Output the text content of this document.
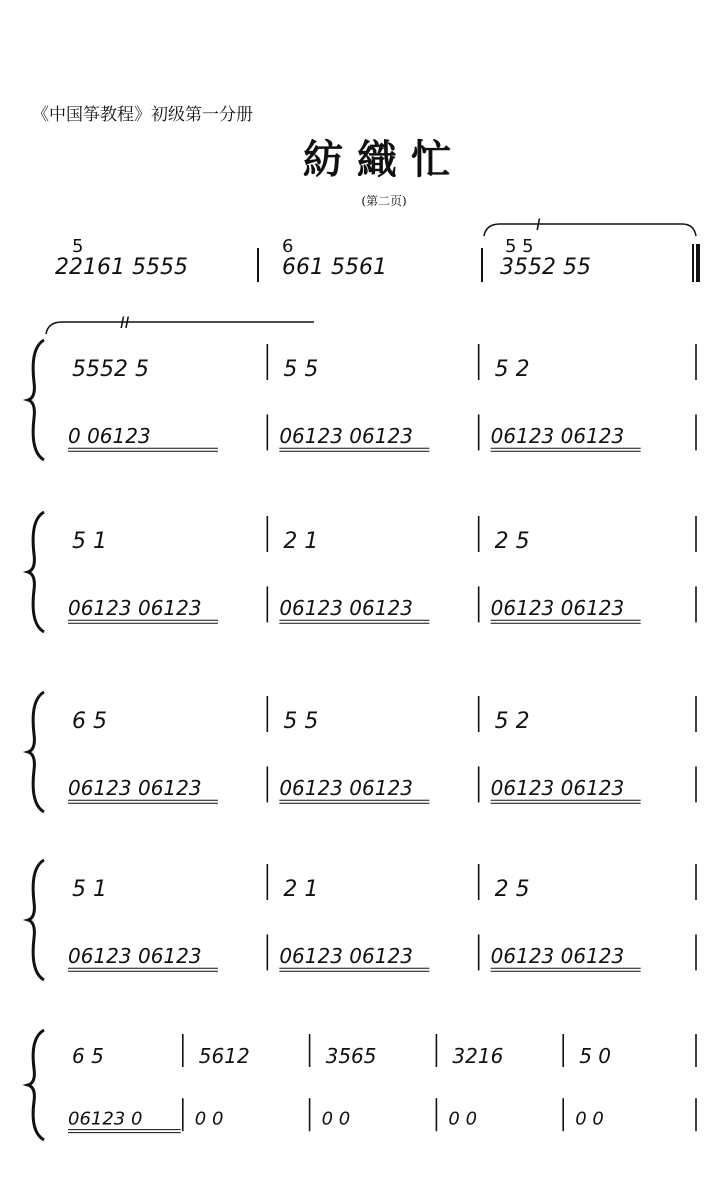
《中国筝教程》初级第一分册
紡織忙
(第二页)
5
22161 5555
6
661 5561
5 5
3552 55
I
II
5552 5	5 5	5 2
0 06123	06123 06123	06123 06123
5 1	2 1	2 5
06123 06123	06123 06123	06123 06123
6 5	5 5	5 2
06123 06123	06123 06123	06123 06123
5 1	2 1	2 5
06123 06123	06123 06123	06123 06123
6 5	5612	3565	3216	5 0
06123 0	0 0	0 0	0 0	0 0
